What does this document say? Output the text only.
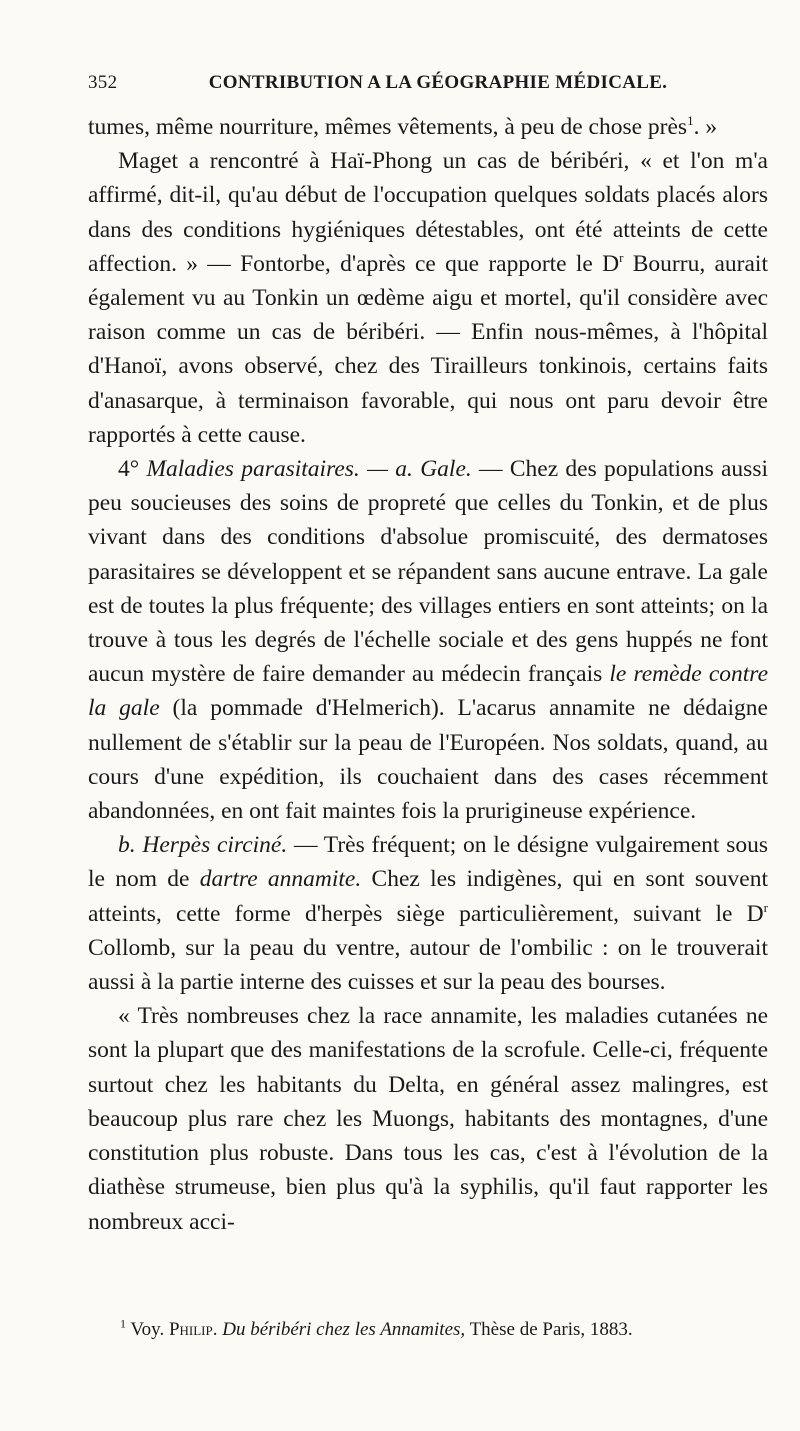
352	CONTRIBUTION A LA GÉOGRAPHIE MÉDICALE.

tumes, même nourriture, mêmes vêtements, à peu de chose près$^1$. »

Maget a rencontré à Haï-Phong un cas de béribéri, « et l'on m'a affirmé, dit-il, qu'au début de l'occupation quelques soldats placés alors dans des conditions hygiéniques détestables, ont été atteints de cette affection. » — Fontorbe, d'après ce que rapporte le $D^r$ Bourru, aurait également vu au Tonkin un œdème aigu et mortel, qu'il considère avec raison comme un cas de béribéri. — Enfin nous-mêmes, à l'hôpital d'Hanoï, avons observé, chez des Tirailleurs tonkinois, certains faits d'anasarque, à terminaison favorable, qui nous ont paru devoir être rapportés à cette cause.

4° Maladies parasitaires. — a. Gale. — Chez des populations aussi peu soucieuses des soins de propreté que celles du Tonkin, et de plus vivant dans des conditions d'absolue promiscuité, des dermatoses parasitaires se développent et se répandent sans aucune entrave. La gale est de toutes la plus fréquente; des villages entiers en sont atteints; on la trouve à tous les degrés de l'échelle sociale et des gens huppés ne font aucun mystère de faire demander au médecin français le remède contre la gale (la pommade d'Helmerich). L'acarus annamite ne dédaigne nullement de s'établir sur la peau de l'Européen. Nos soldats, quand, au cours d'une expédition, ils couchaient dans des cases récemment abandonnées, en ont fait maintes fois la prurigineuse expérience.

b. Herpès circiné. — Très fréquent; on le désigne vulgairement sous le nom de dartre annamite. Chez les indigènes, qui en sont souvent atteints, cette forme d'herpès siège particulièrement, suivant le $D^r$ Collomb, sur la peau du ventre, autour de l'ombilic : on le trouverait aussi à la partie interne des cuisses et sur la peau des bourses.

« Très nombreuses chez la race annamite, les maladies cutanées ne sont la plupart que des manifestations de la scrofule. Celle-ci, fréquente surtout chez les habitants du Delta, en général assez malingres, est beaucoup plus rare chez les Muongs, habitants des montagnes, d'une constitution plus robuste. Dans tous les cas, c'est à l'évolution de la diathèse strumeuse, bien plus qu'à la syphilis, qu'il faut rapporter les nombreux acci-

$^1$ Voy. Philip. Du béribéri chez les Annamites, Thèse de Paris, 1883.
